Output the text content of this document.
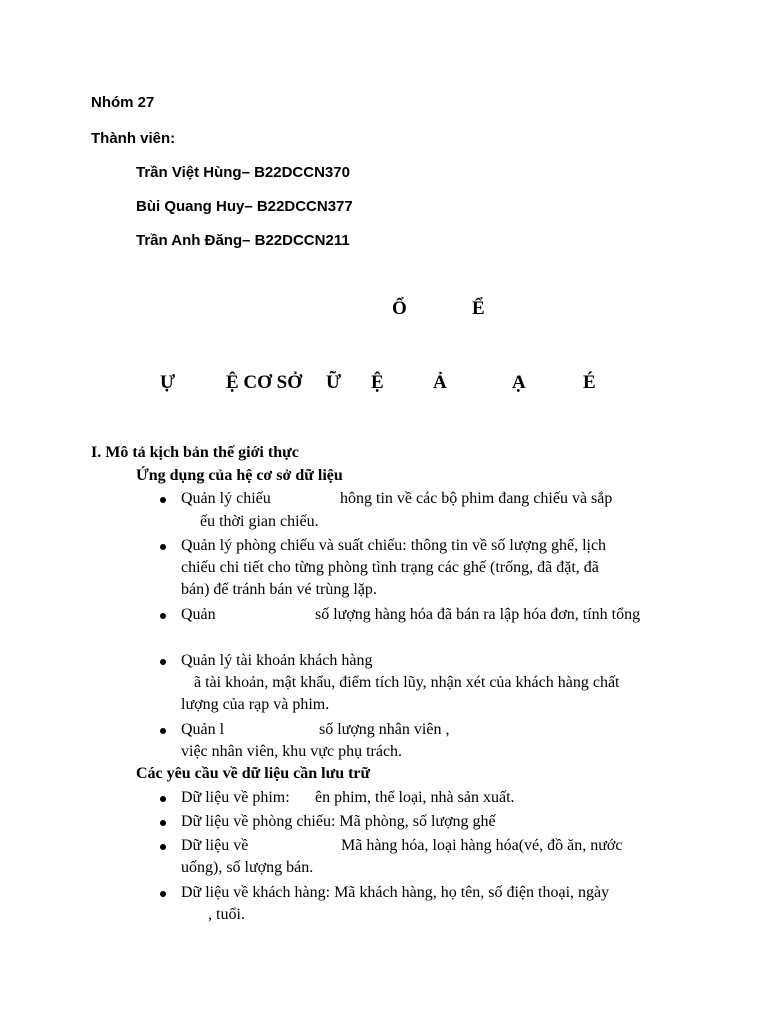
Nhóm 27
Thành viên:
Trần Việt Hùng– B22DCCN370
Bùi Quang Huy– B22DCCN377
Trần Anh Đăng– B22DCCN211
Ổ	Ể
Ự	Ệ CƠ SỞ Ữ Ệ	Ả	Ạ	É
I. Mô tả kịch bản thế giới thực
Ứng dụng của hệ cơ sở dữ liệu
Quản lý chiếu	hông tin về các bộ phim đang chiếu và sắp
ếu thời gian chiếu.
Quản lý phòng chiếu và suất chiếu: thông tin về số lượng ghế, lịch
chiếu chi tiết cho từng phòng tình trạng các ghế (trống, đã đặt, đã
bán) để tránh bán vé trùng lặp.
Quản	số lượng hàng hóa đã bán ra lập hóa đơn, tính tổng
Quản lý tài khoản khách hàng
ã tài khoản, mật khẩu, điểm tích lũy, nhận xét của khách hàng chất
lượng của rạp và phim.
Quản l	số lượng nhân viên ,
việc nhân viên, khu vực phụ trách.
Các yêu cầu về dữ liệu cần lưu trữ
Dữ liệu về phim: ên phim, thể loại, nhà sản xuất.
Dữ liệu về phòng chiếu: Mã phòng, số lượng ghế
Dữ liệu về	Mã hàng hóa, loại hàng hóa(vé, đồ ăn, nước
uống), số lượng bán.
Dữ liệu về khách hàng: Mã khách hàng, họ tên, số điện thoại, ngày
, tuổi.
